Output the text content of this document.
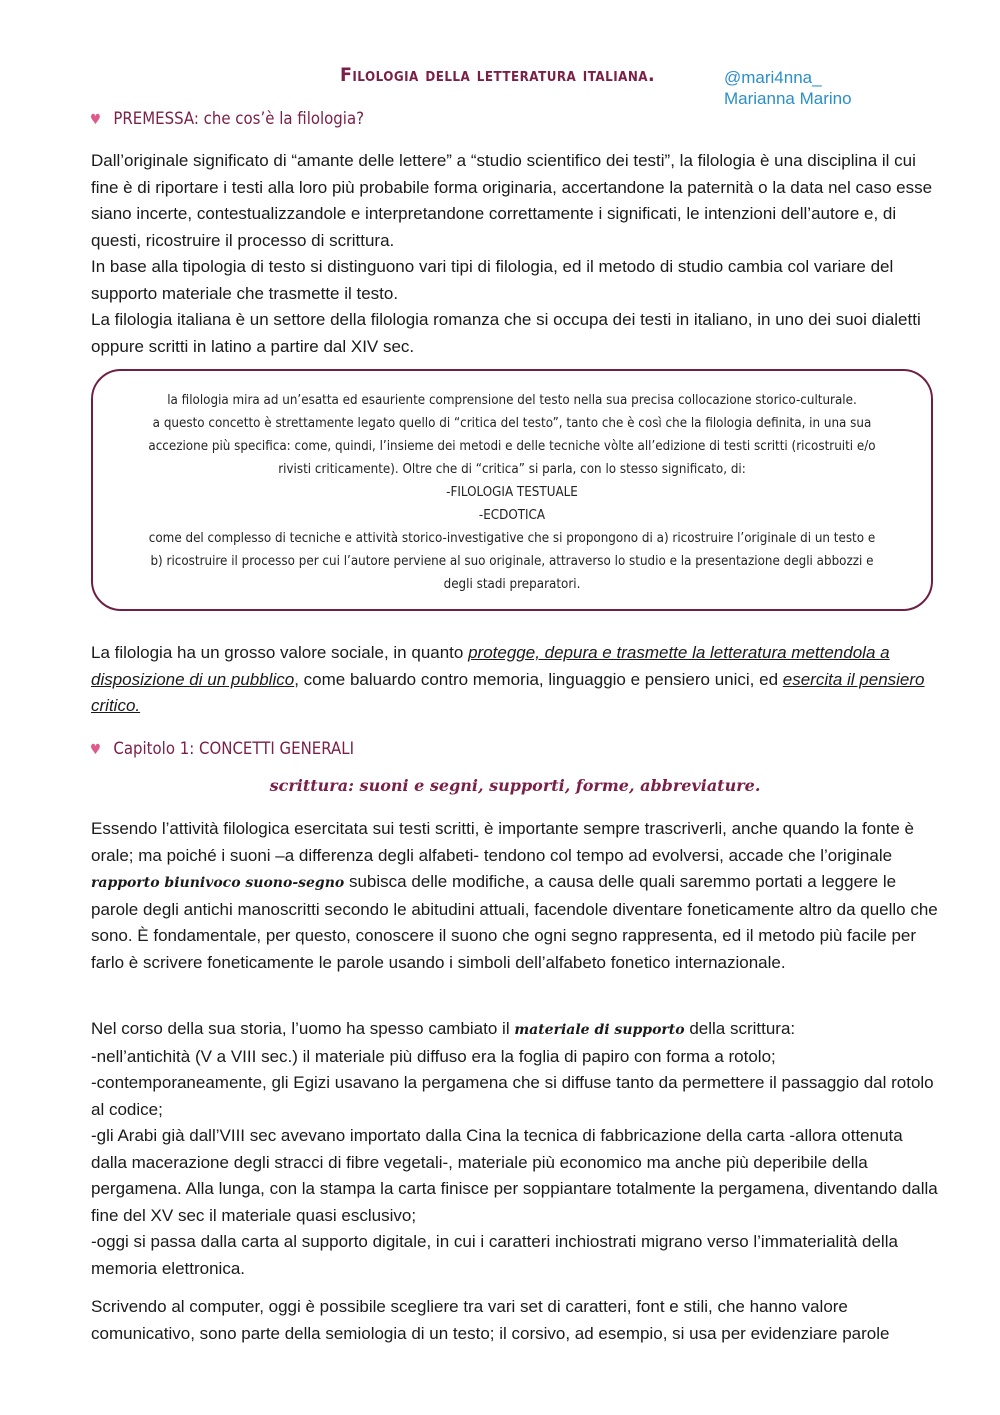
Filologia della letteratura italiana.	@mari4nna_
Marianna Marino
♥ PREMESSA: che cos’è la filologia?

Dall’originale significato di “amante delle lettere” a “studio scientifico dei testi”, la filologia è una disciplina il cui fine è di riportare i testi alla loro più probabile forma originaria, accertandone la paternità o la data nel caso esse siano incerte, contestualizzandole e interpretandone correttamente i significati, le intenzioni dell’autore e, di questi, ricostruire il processo di scrittura.

In base alla tipologia di testo si distinguono vari tipi di filologia, ed il metodo di studio cambia col variare del supporto materiale che trasmette il testo.

La filologia italiana è un settore della filologia romanza che si occupa dei testi in italiano, in uno dei suoi dialetti oppure scritti in latino a partire dal XIV sec.

la filologia mira ad un’esatta ed esauriente comprensione del testo nella sua precisa collocazione storico-culturale.
a questo concetto è strettamente legato quello di “critica del testo”, tanto che è così che la filologia definita, in una sua accezione più specifica: come, quindi, l’insieme dei metodi e delle tecniche vòlte all’edizione di testi scritti (ricostruiti e/o rivisti criticamente). Oltre che di “critica” si parla, con lo stesso significato, di:
-FILOLOGIA TESTUALE
-ECDOTICA
come del complesso di tecniche e attività storico-investigative che si propongono di a) ricostruire l’originale di un testo e b) ricostruire il processo per cui l’autore perviene al suo originale, attraverso lo studio e la presentazione degli abbozzi e degli stadi preparatori.

La filologia ha un grosso valore sociale, in quanto protegge, depura e trasmette la letteratura mettendola a disposizione di un pubblico, come baluardo contro memoria, linguaggio e pensiero unici, ed esercita il pensiero critico.

♥ Capitolo 1: CONCETTI GENERALI
scrittura: suoni e segni, supporti, forme, abbreviature.

Essendo l’attività filologica esercitata sui testi scritti, è importante sempre trascriverli, anche quando la fonte è orale; ma poiché i suoni –a differenza degli alfabeti- tendono col tempo ad evolversi, accade che l’originale rapporto biunivoco suono-segno subisca delle modifiche, a causa delle quali saremmo portati a leggere le parole degli antichi manoscritti secondo le abitudini attuali, facendole diventare foneticamente altro da quello che sono. È fondamentale, per questo, conoscere il suono che ogni segno rappresenta, ed il metodo più facile per farlo è scrivere foneticamente le parole usando i simboli dell’alfabeto fonetico internazionale.

Nel corso della sua storia, l’uomo ha spesso cambiato il materiale di supporto della scrittura:

-nell’antichità (V a VIII sec.) il materiale più diffuso era la foglia di papiro con forma a rotolo;

-contemporaneamente, gli Egizi usavano la pergamena che si diffuse tanto da permettere il passaggio dal rotolo al codice;

-gli Arabi già dall’VIII sec avevano importato dalla Cina la tecnica di fabbricazione della carta -allora ottenuta dalla macerazione degli stracci di fibre vegetali-, materiale più economico ma anche più deperibile della pergamena. Alla lunga, con la stampa la carta finisce per soppiantare totalmente la pergamena, diventando dalla fine del XV sec il materiale quasi esclusivo;

-oggi si passa dalla carta al supporto digitale, in cui i caratteri inchiostrati migrano verso l’immaterialità della memoria elettronica.

Scrivendo al computer, oggi è possibile scegliere tra vari set di caratteri, font e stili, che hanno valore comunicativo, sono parte della semiologia di un testo; il corsivo, ad esempio, si usa per evidenziare parole
